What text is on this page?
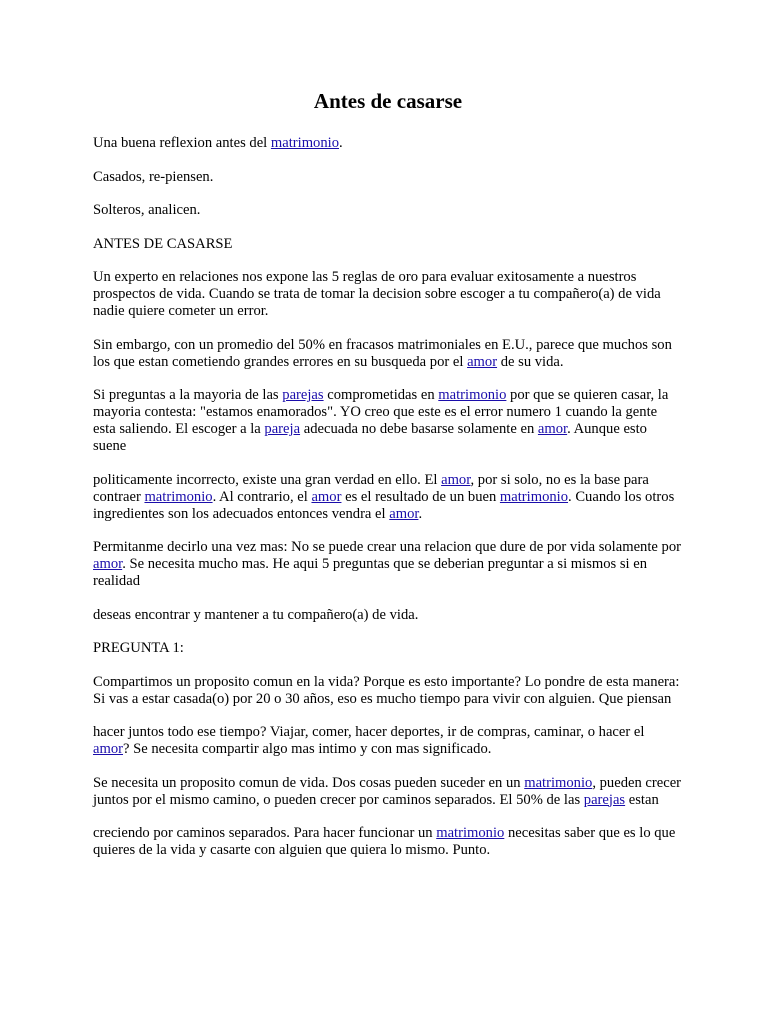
Antes de casarse

Una buena reflexion antes del matrimonio.

Casados, re-piensen.

Solteros, analicen.

ANTES DE CASARSE

Un experto en relaciones nos expone las 5 reglas de oro para evaluar exitosamente a nuestros prospectos de vida. Cuando se trata de tomar la decision sobre escoger a tu compañero(a) de vida nadie quiere cometer un error.

Sin embargo, con un promedio del 50% en fracasos matrimoniales en E.U., parece que muchos son los que estan cometiendo grandes errores en su busqueda por el amor de su vida.

Si preguntas a la mayoria de las parejas comprometidas en matrimonio por que se quieren casar, la mayoria contesta: "estamos enamorados". YO creo que este es el error numero 1 cuando la gente esta saliendo. El escoger a la pareja adecuada no debe basarse solamente en amor. Aunque esto suene

politicamente incorrecto, existe una gran verdad en ello. El amor, por si solo, no es la base para contraer matrimonio. Al contrario, el amor es el resultado de un buen matrimonio. Cuando los otros ingredientes son los adecuados entonces vendra el amor.

Permitanme decirlo una vez mas: No se puede crear una relacion que dure de por vida solamente por amor. Se necesita mucho mas. He aqui 5 preguntas que se deberian preguntar a si mismos si en realidad

deseas encontrar y mantener a tu compañero(a) de vida.

PREGUNTA 1:

Compartimos un proposito comun en la vida? Porque es esto importante? Lo pondre de esta manera: Si vas a estar casada(o) por 20 o 30 años, eso es mucho tiempo para vivir con alguien. Que piensan

hacer juntos todo ese tiempo? Viajar, comer, hacer deportes, ir de compras, caminar, o hacer el amor? Se necesita compartir algo mas intimo y con mas significado.

Se necesita un proposito comun de vida. Dos cosas pueden suceder en un matrimonio, pueden crecer juntos por el mismo camino, o pueden crecer por caminos separados. El 50% de las parejas estan

creciendo por caminos separados. Para hacer funcionar un matrimonio necesitas saber que es lo que quieres de la vida y casarte con alguien que quiera lo mismo. Punto.
